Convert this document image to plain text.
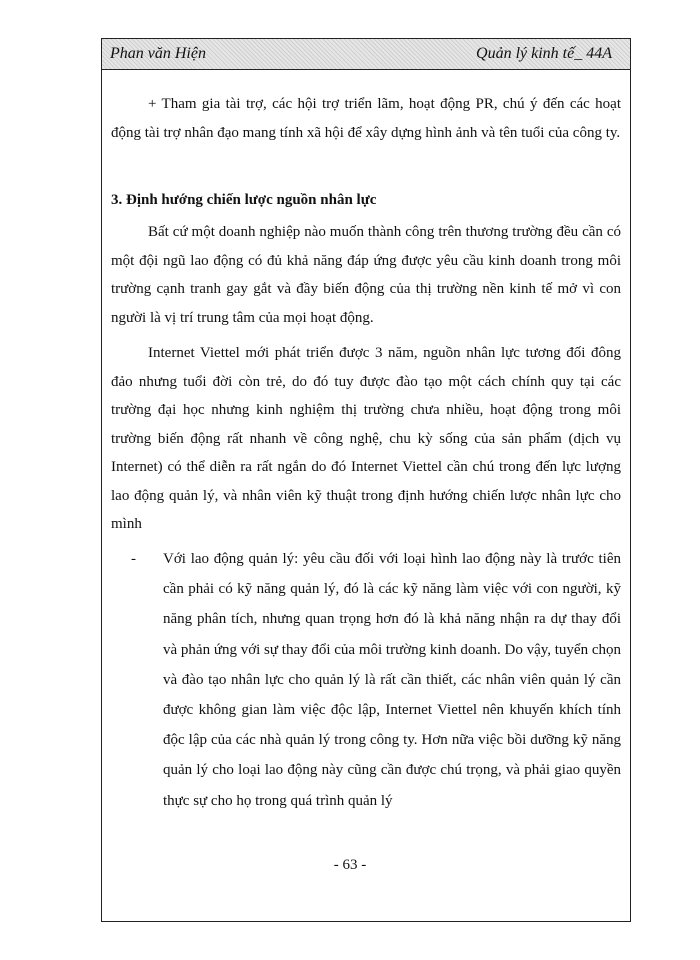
Phan văn Hiện	Quản lý kinh tế_ 44A

+ Tham gia tài trợ, các hội trợ triển lãm, hoạt động PR, chú ý đến các hoạt động tài trợ nhân đạo mang tính xã hội để xây dựng hình ảnh và tên tuổi của công ty.

3. Định hướng chiến lược nguồn nhân lực

Bất cứ một doanh nghiệp nào muốn thành công trên thương trường đều cần có một đội ngũ lao động có đủ khả năng đáp ứng được yêu cầu kinh doanh trong môi trường cạnh tranh gay gắt và đầy biến động của thị trường nền kinh tế mở vì con người là vị trí trung tâm của mọi hoạt động.

Internet Viettel mới phát triển được 3 năm, nguồn nhân lực tương đối đông đảo nhưng tuổi đời còn trẻ, do đó tuy được đào tạo một cách chính quy tại các trường đại học nhưng kinh nghiệm thị trường chưa nhiều, hoạt động trong môi trường biến động rất nhanh về công nghệ, chu kỳ sống của sản phẩm (dịch vụ Internet) có thể diễn ra rất ngắn do đó Internet Viettel cần chú trong đến lực lượng lao động quản lý, và nhân viên kỹ thuật trong định hướng chiến lược nhân lực cho mình

- Với lao động quản lý: yêu cầu đối với loại hình lao động này là trước tiên cần phải có kỹ năng quản lý, đó là các kỹ năng làm việc với con người, kỹ năng phân tích, nhưng quan trọng hơn đó là khả năng nhận ra dự thay đổi và phản ứng với sự thay đổi của môi trường kinh doanh. Do vậy, tuyển chọn và đào tạo nhân lực cho quản lý là rất cần thiết, các nhân viên quản lý cần được không gian làm việc độc lập, Internet Viettel nên khuyến khích tính độc lập của các nhà quản lý trong công ty. Hơn nữa việc bồi dưỡng kỹ năng quản lý cho loại lao động này cũng cần được chú trọng, và phải giao quyền thực sự cho họ trong quá trình quản lý

- 63 -
